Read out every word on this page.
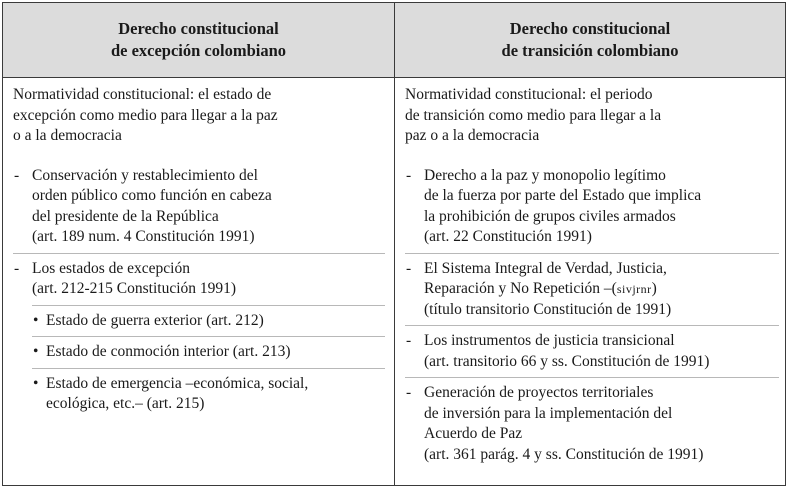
Derecho constitucional
de excepción colombiano
Derecho constitucional
de transición colombiano
Normatividad constitucional: el estado de
excepción como medio para llegar a la paz
o a la democracia
- Conservación y restablecimiento del
orden público como función en cabeza
del presidente de la República
(art. 189 num. 4 Constitución 1991)
- Los estados de excepción
(art. 212-215 Constitución 1991)
• Estado de guerra exterior (art. 212)
• Estado de conmoción interior (art. 213)
• Estado de emergencia –económica, social,
ecológica, etc.– (art. 215)
Normatividad constitucional: el periodo
de transición como medio para llegar a la
paz o a la democracia
- Derecho a la paz y monopolio legítimo
de la fuerza por parte del Estado que implica
la prohibición de grupos civiles armados
(art. 22 Constitución 1991)
- El Sistema Integral de Verdad, Justicia,
Reparación y No Repetición –(sivjrnr)
(título transitorio Constitución de 1991)
- Los instrumentos de justicia transicional
(art. transitorio 66 y ss. Constitución de 1991)
- Generación de proyectos territoriales
de inversión para la implementación del
Acuerdo de Paz
(art. 361 parág. 4 y ss. Constitución de 1991)
